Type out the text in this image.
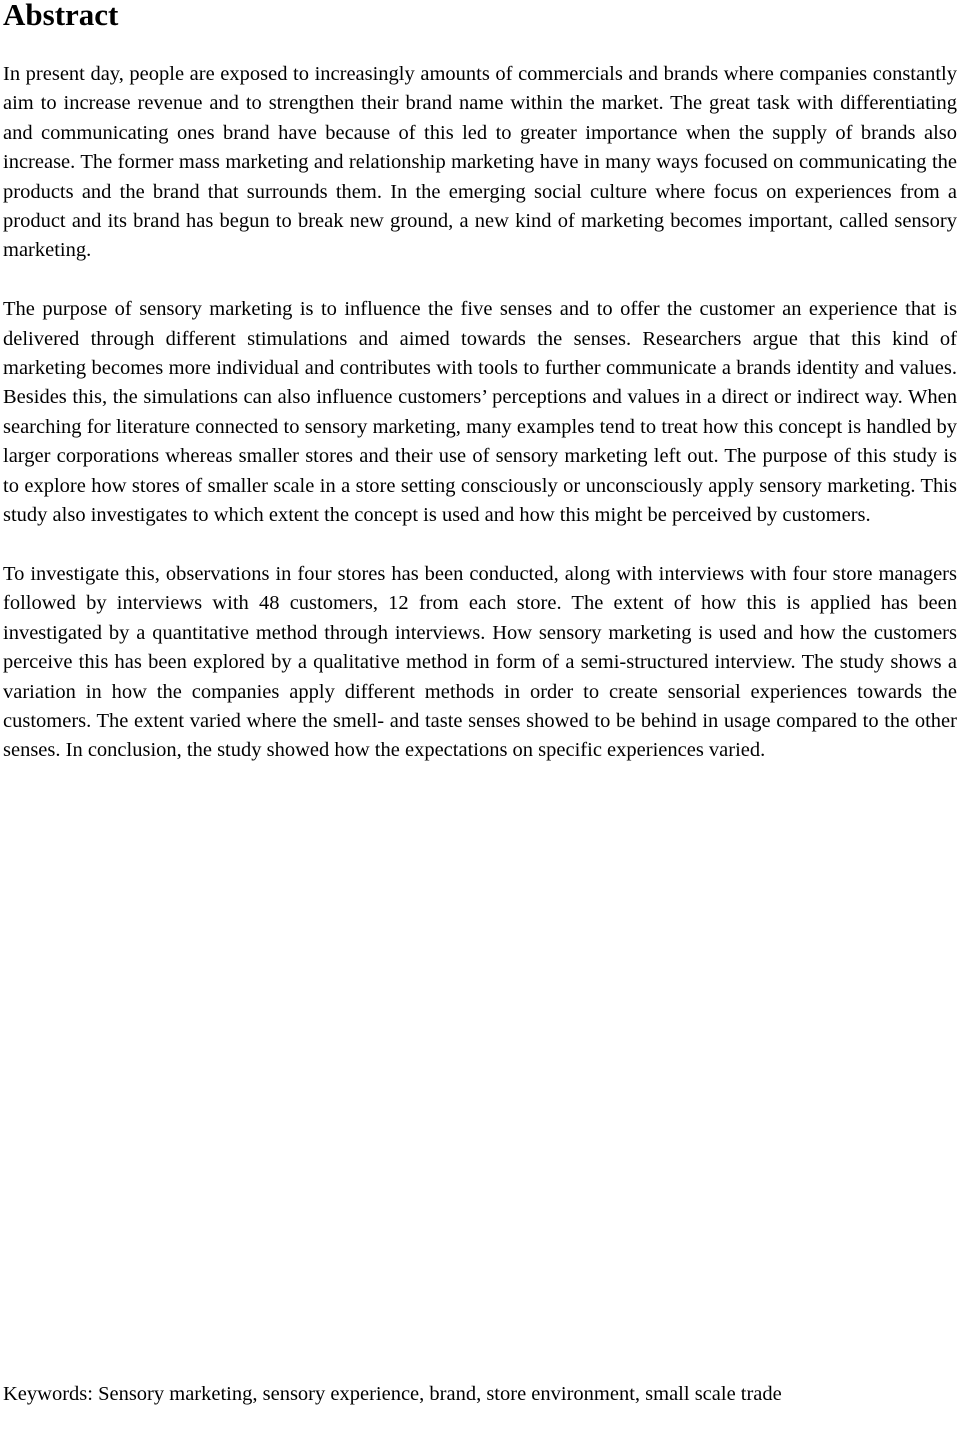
Abstract

In present day, people are exposed to increasingly amounts of commercials and brands where companies constantly aim to increase revenue and to strengthen their brand name within the market. The great task with differentiating and communicating ones brand have because of this led to greater importance when the supply of brands also increase. The former mass marketing and relationship marketing have in many ways focused on communicating the products and the brand that surrounds them. In the emerging social culture where focus on experiences from a product and its brand has begun to break new ground, a new kind of marketing becomes important, called sensory marketing.

The purpose of sensory marketing is to influence the five senses and to offer the customer an experience that is delivered through different stimulations and aimed towards the senses. Researchers argue that this kind of marketing becomes more individual and contributes with tools to further communicate a brands identity and values. Besides this, the simulations can also influence customers’ perceptions and values in a direct or indirect way. When searching for literature connected to sensory marketing, many examples tend to treat how this concept is handled by larger corporations whereas smaller stores and their use of sensory marketing left out. The purpose of this study is to explore how stores of smaller scale in a store setting consciously or unconsciously apply sensory marketing. This study also investigates to which extent the concept is used and how this might be perceived by customers.

To investigate this, observations in four stores has been conducted, along with interviews with four store managers followed by interviews with 48 customers, 12 from each store. The extent of how this is applied has been investigated by a quantitative method through interviews. How sensory marketing is used and how the customers perceive this has been explored by a qualitative method in form of a semi-structured interview. The study shows a variation in how the companies apply different methods in order to create sensorial experiences towards the customers. The extent varied where the smell- and taste senses showed to be behind in usage compared to the other senses. In conclusion, the study showed how the expectations on specific experiences varied.

Keywords: Sensory marketing, sensory experience, brand, store environment, small scale trade
